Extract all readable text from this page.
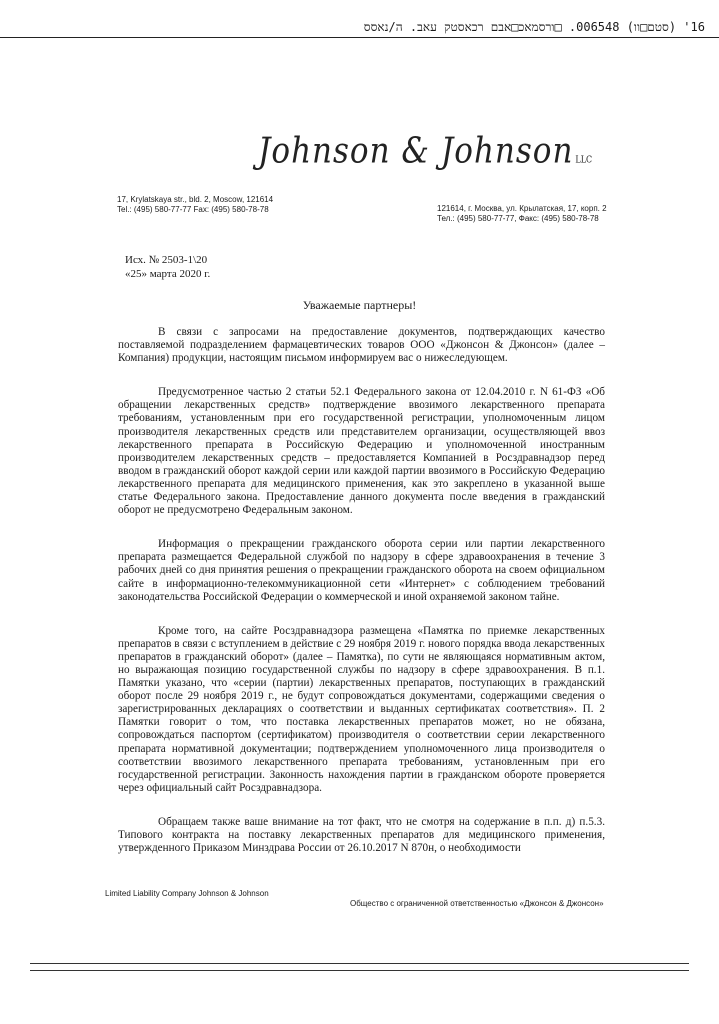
16' (סטם□וו) 006548. □ורסמאכ□אבם רכאסטק עאב. ה/נאסס
Johnson & Johnson LLC
17, Krylatskaya str., bld. 2, Moscow, 121614
Tel.: (495) 580-77-77 Fax: (495) 580-78-78	121614, г. Москва, ул. Крылатская, 17, корп. 2
Тел.: (495) 580-77-77, Факс: (495) 580-78-78
Исх. № 2503-1\20
«25» марта 2020 г.
Уважаемые партнеры!

В связи с запросами на предоставление документов, подтверждающих качество поставляемой подразделением фармацевтических товаров ООО «Джонсон & Джонсон» (далее – Компания) продукции, настоящим письмом информируем вас о нижеследующем.

Предусмотренное частью 2 статьи 52.1 Федерального закона от 12.04.2010 г. N 61-ФЗ «Об обращении лекарственных средств» подтверждение ввозимого лекарственного препарата требованиям, установленным при его государственной регистрации, уполномоченным лицом производителя лекарственных средств или представителем организации, осуществляющей ввоз лекарственного препарата в Российскую Федерацию и уполномоченной иностранным производителем лекарственных средств – предоставляется Компанией в Росздравнадзор перед вводом в гражданский оборот каждой серии или каждой партии ввозимого в Российскую Федерацию лекарственного препарата для медицинского применения, как это закреплено в указанной выше статье Федерального закона. Предоставление данного документа после введения в гражданский оборот не предусмотрено Федеральным законом.

Информация о прекращении гражданского оборота серии или партии лекарственного препарата размещается Федеральной службой по надзору в сфере здравоохранения в течение 3 рабочих дней со дня принятия решения о прекращении гражданского оборота на своем официальном сайте в информационно-телекоммуникационной сети «Интернет» с соблюдением требований законодательства Российской Федерации о коммерческой и иной охраняемой законом тайне.

Кроме того, на сайте Росздравнадзора размещена «Памятка по приемке лекарственных препаратов в связи с вступлением в действие с 29 ноября 2019 г. нового порядка ввода лекарственных препаратов в гражданский оборот» (далее – Памятка), по сути не являющаяся нормативным актом, но выражающая позицию государственной службы по надзору в сфере здравоохранения. В п.1. Памятки указано, что «серии (партии) лекарственных препаратов, поступающих в гражданский оборот после 29 ноября 2019 г., не будут сопровождаться документами, содержащими сведения о зарегистрированных декларациях о соответствии и выданных сертификатах соответствия». П. 2 Памятки говорит о том, что поставка лекарственных препаратов может, но не обязана, сопровождаться паспортом (сертификатом) производителя о соответствии серии лекарственного препарата нормативной документации; подтверждением уполномоченного лица производителя о соответствии ввозимого лекарственного препарата требованиям, установленным при его государственной регистрации. Законность нахождения партии в гражданском обороте проверяется через официальный сайт Росздравнадзора.

Обращаем также ваше внимание на тот факт, что не смотря на содержание в п.п. д) п.5.3. Типового контракта на поставку лекарственных препаратов для медицинского применения, утвержденного Приказом Минздрава России от 26.10.2017 N 870н, о необходимости

Limited Liability Company Johnson & Johnson
Общество с ограниченной ответственностью «Джонсон & Джонсон»
